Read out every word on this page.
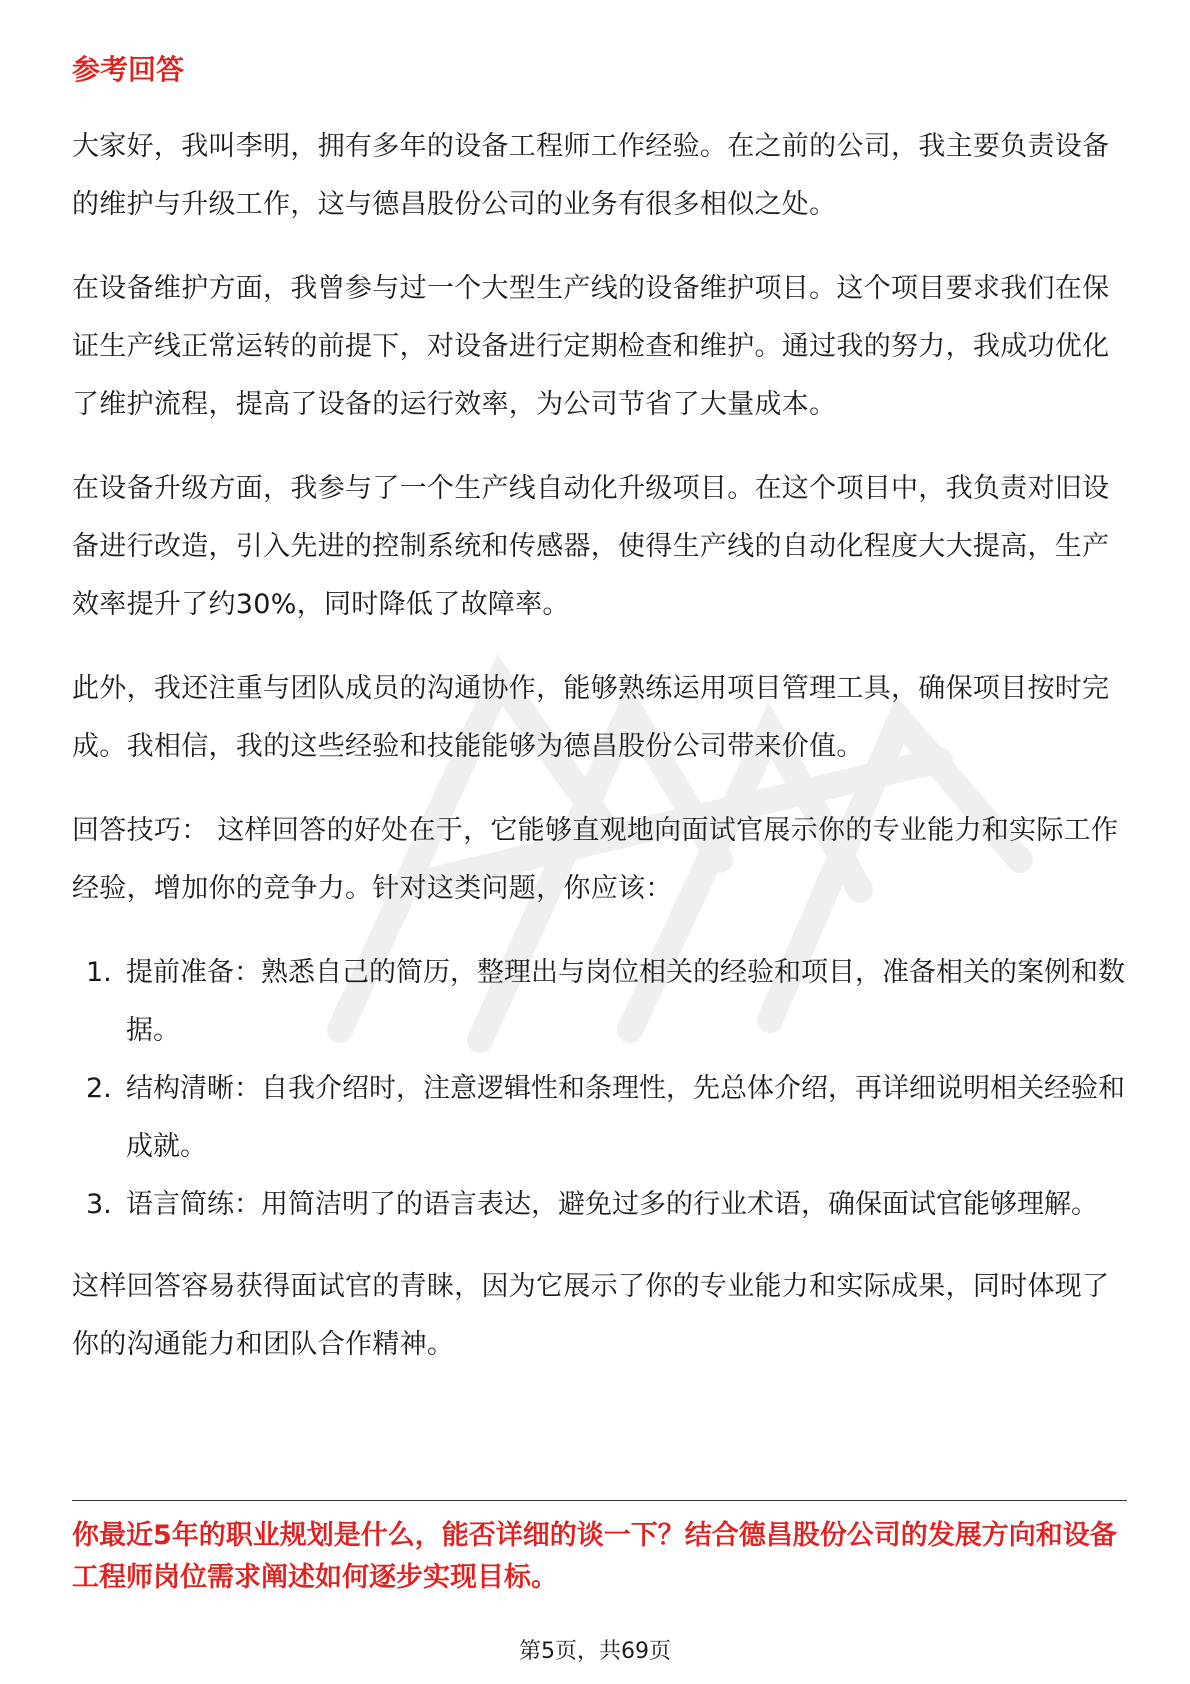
参考回答

大家好，我叫李明，拥有多年的设备工程师工作经验。在之前的公司，我主要负责设备的维护与升级工作，这与德昌股份公司的业务有很多相似之处。

在设备维护方面，我曾参与过一个大型生产线的设备维护项目。这个项目要求我们在保证生产线正常运转的前提下，对设备进行定期检查和维护。通过我的努力，我成功优化了维护流程，提高了设备的运行效率，为公司节省了大量成本。

在设备升级方面，我参与了一个生产线自动化升级项目。在这个项目中，我负责对旧设备进行改造，引入先进的控制系统和传感器，使得生产线的自动化程度大大提高，生产效率提升了约30%，同时降低了故障率。

此外，我还注重与团队成员的沟通协作，能够熟练运用项目管理工具，确保项目按时完成。我相信，我的这些经验和技能能够为德昌股份公司带来价值。

回答技巧： 这样回答的好处在于，它能够直观地向面试官展示你的专业能力和实际工作经验，增加你的竞争力。针对这类问题，你应该：

1. 提前准备：熟悉自己的简历，整理出与岗位相关的经验和项目，准备相关的案例和数据。
2. 结构清晰：自我介绍时，注意逻辑性和条理性，先总体介绍，再详细说明相关经验和成就。
3. 语言简练：用简洁明了的语言表达，避免过多的行业术语，确保面试官能够理解。

这样回答容易获得面试官的青睐，因为它展示了你的专业能力和实际成果，同时体现了你的沟通能力和团队合作精神。

你最近5年的职业规划是什么，能否详细的谈一下？结合德昌股份公司的发展方向和设备工程师岗位需求阐述如何逐步实现目标。
第5页，共69页
